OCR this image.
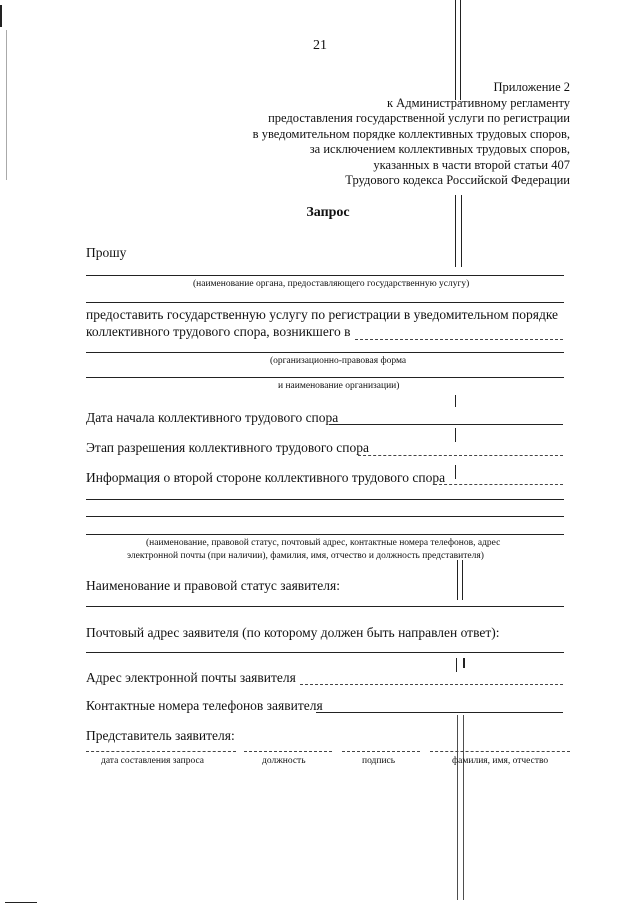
21
Приложение 2
к Административному регламенту
предоставления государственной услуги по регистрации
в уведомительном порядке коллективных трудовых споров,
за исключением коллективных трудовых споров,
указанных в части второй статьи 407
Трудового кодекса Российской Федерации
Запрос
Прошу
(наименование органа, предоставляющего государственную услугу)
предоставить государственную услугу по регистрации в уведомительном порядке
коллективного трудового спора, возникшего в
(организационно-правовая форма
и наименование организации)
Дата начала коллективного трудового спора
Этап разрешения коллективного трудового спора
Информация о второй стороне коллективного трудового спора
(наименование, правовой статус, почтовый адрес, контактные номера телефонов, адрес
электронной почты (при наличии), фамилия, имя, отчество и должность представителя)
Наименование и правовой статус заявителя:
Почтовый адрес заявителя (по которому должен быть направлен ответ):
Адрес электронной почты заявителя
Контактные номера телефонов заявителя
Представитель заявителя:
дата составления запроса	должность	подпись	фамилия, имя, отчество
